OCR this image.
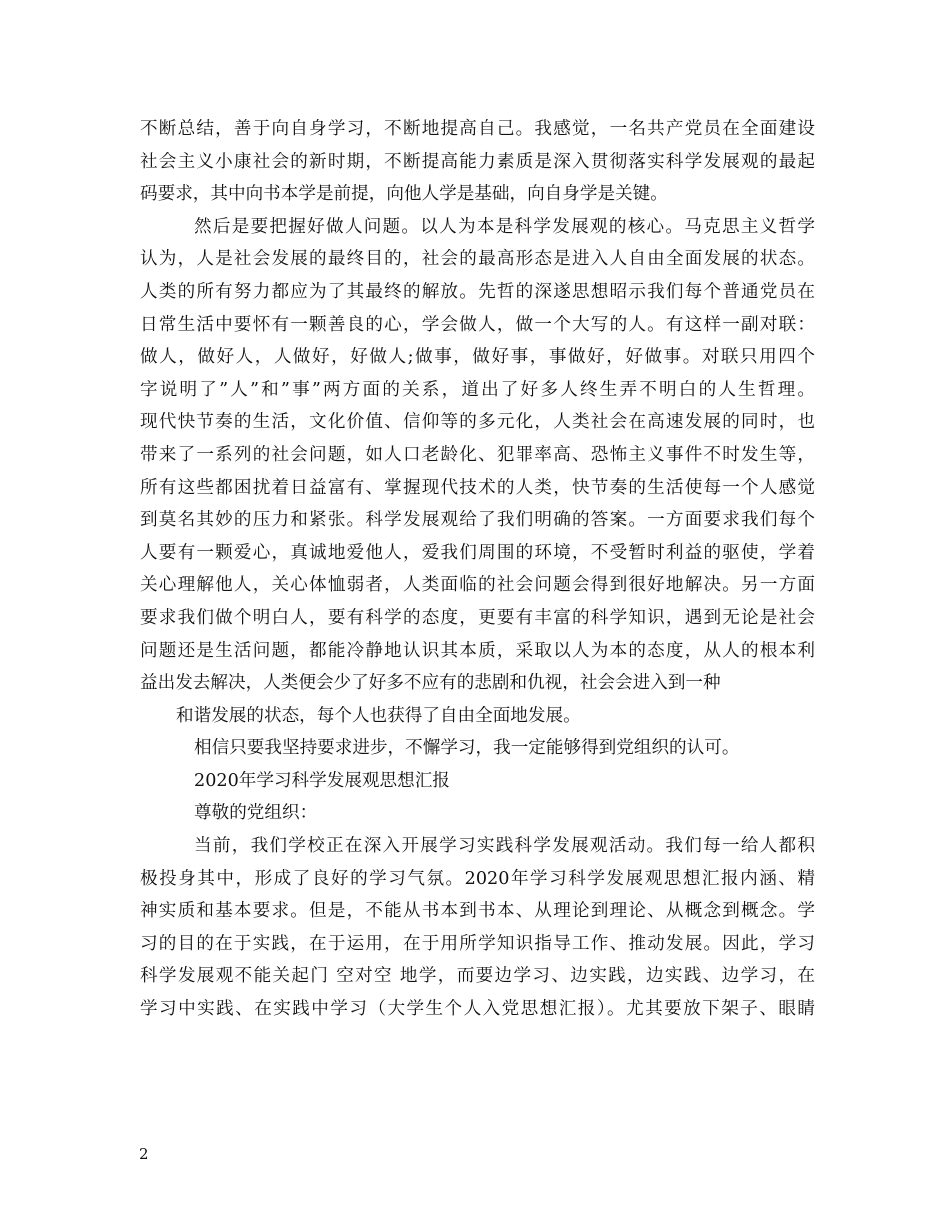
不断总结，善于向自身学习，不断地提高自己。我感觉，一名共产党员在全面建设
社会主义小康社会的新时期，不断提高能力素质是深入贯彻落实科学发展观的最起
码要求，其中向书本学是前提，向他人学是基础，向自身学是关键。
然后是要把握好做人问题。以人为本是科学发展观的核心。马克思主义哲学
认为，人是社会发展的最终目的，社会的最高形态是进入人自由全面发展的状态。
人类的所有努力都应为了其最终的解放。先哲的深遂思想昭示我们每个普通党员在
日常生活中要怀有一颗善良的心，学会做人，做一个大写的人。有这样一副对联：
做人，做好人，人做好，好做人;做事，做好事，事做好，好做事。对联只用四个
字说明了”人”和”事”两方面的关系，道出了好多人终生弄不明白的人生哲理。
现代快节奏的生活，文化价值、信仰等的多元化，人类社会在高速发展的同时，也
带来了一系列的社会问题，如人口老龄化、犯罪率高、恐怖主义事件不时发生等，
所有这些都困扰着日益富有、掌握现代技术的人类，快节奏的生活使每一个人感觉
到莫名其妙的压力和紧张。科学发展观给了我们明确的答案。一方面要求我们每个
人要有一颗爱心，真诚地爱他人，爱我们周围的环境，不受暂时利益的驱使，学着
关心理解他人，关心体恤弱者，人类面临的社会问题会得到很好地解决。另一方面
要求我们做个明白人，要有科学的态度，更要有丰富的科学知识，遇到无论是社会
问题还是生活问题，都能冷静地认识其本质，采取以人为本的态度，从人的根本利
益出发去解决，人类便会少了好多不应有的悲剧和仇视，社会会进入到一种
和谐发展的状态，每个人也获得了自由全面地发展。
相信只要我坚持要求进步，不懈学习，我一定能够得到党组织的认可。
2020年学习科学发展观思想汇报
尊敬的党组织：
当前，我们学校正在深入开展学习实践科学发展观活动。我们每一给人都积
极投身其中，形成了良好的学习气氛。2020年学习科学发展观思想汇报内涵、精
神实质和基本要求。但是，不能从书本到书本、从理论到理论、从概念到概念。学
习的目的在于实践，在于运用，在于用所学知识指导工作、推动发展。因此，学习
科学发展观不能关起门 空对空 地学，而要边学习、边实践，边实践、边学习，在
学习中实践、在实践中学习（大学生个人入党思想汇报）。尤其要放下架子、眼睛
2
